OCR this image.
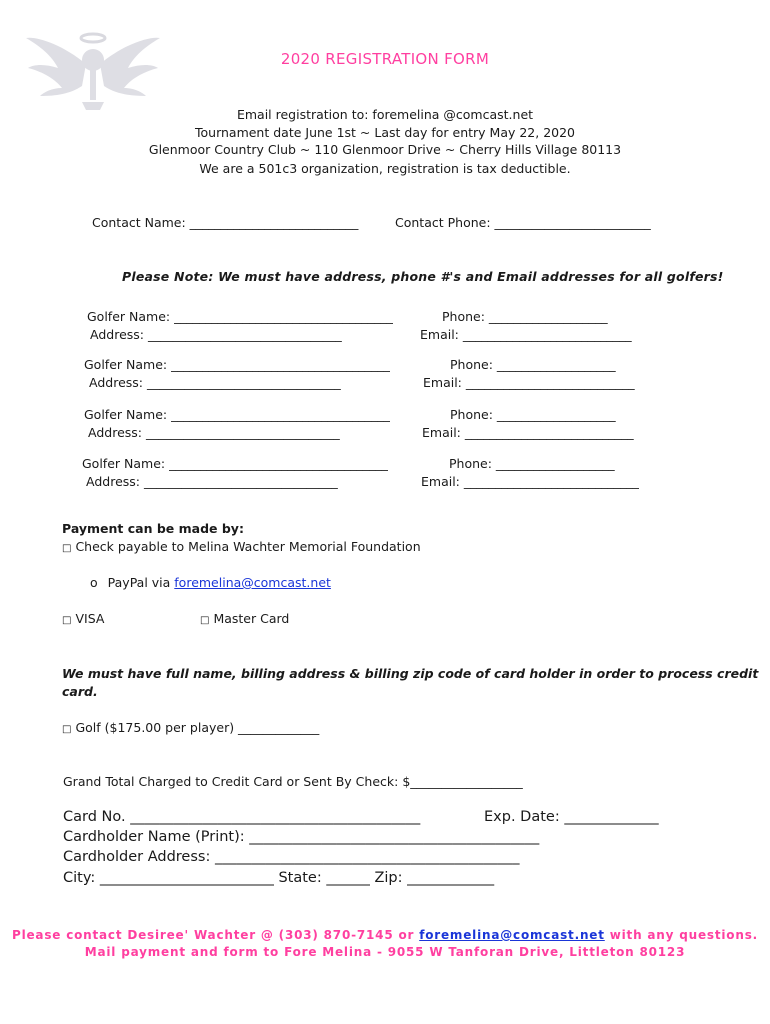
2020 REGISTRATION FORM
Email registration to: foremelina @comcast.net
Tournament date June 1st ~ Last day for entry May 22, 2020
Glenmoor Country Club ~ 110 Glenmoor Drive ~ Cherry Hills Village 80113
We are a 501c3 organization, registration is tax deductible.
Contact Name: ___________________________	Contact Phone: _________________________
Please Note: We must have address, phone #'s and Email addresses for all golfers!
Golfer Name: ___________________________________	Phone: ___________________
Address: _______________________________	Email: ___________________________
Golfer Name: ___________________________________	Phone: ___________________
Address: _______________________________	Email: ___________________________
Golfer Name: ___________________________________	Phone: ___________________
Address: _______________________________	Email: ___________________________
Golfer Name: ___________________________________	Phone: ___________________
Address: _______________________________	Email: ____________________________
Payment can be made by:
□ Check payable to Melina Wachter Memorial Foundation
o PayPal via foremelina@comcast.net
□ VISA	□ Master Card
We must have full name, billing address & billing zip code of card holder in order to process credit
card.
□ Golf ($175.00 per player) _____________
Grand Total Charged to Credit Card or Sent By Check: $__________________
Card No. ________________________________________	Exp. Date: _____________
Cardholder Name (Print): ________________________________________
Cardholder Address: __________________________________________
City: ________________________ State: ______ Zip: ____________
Please contact Desiree' Wachter @ (303) 870-7145 or foremelina@comcast.net with any questions.
Mail payment and form to Fore Melina - 9055 W Tanforan Drive, Littleton 80123
